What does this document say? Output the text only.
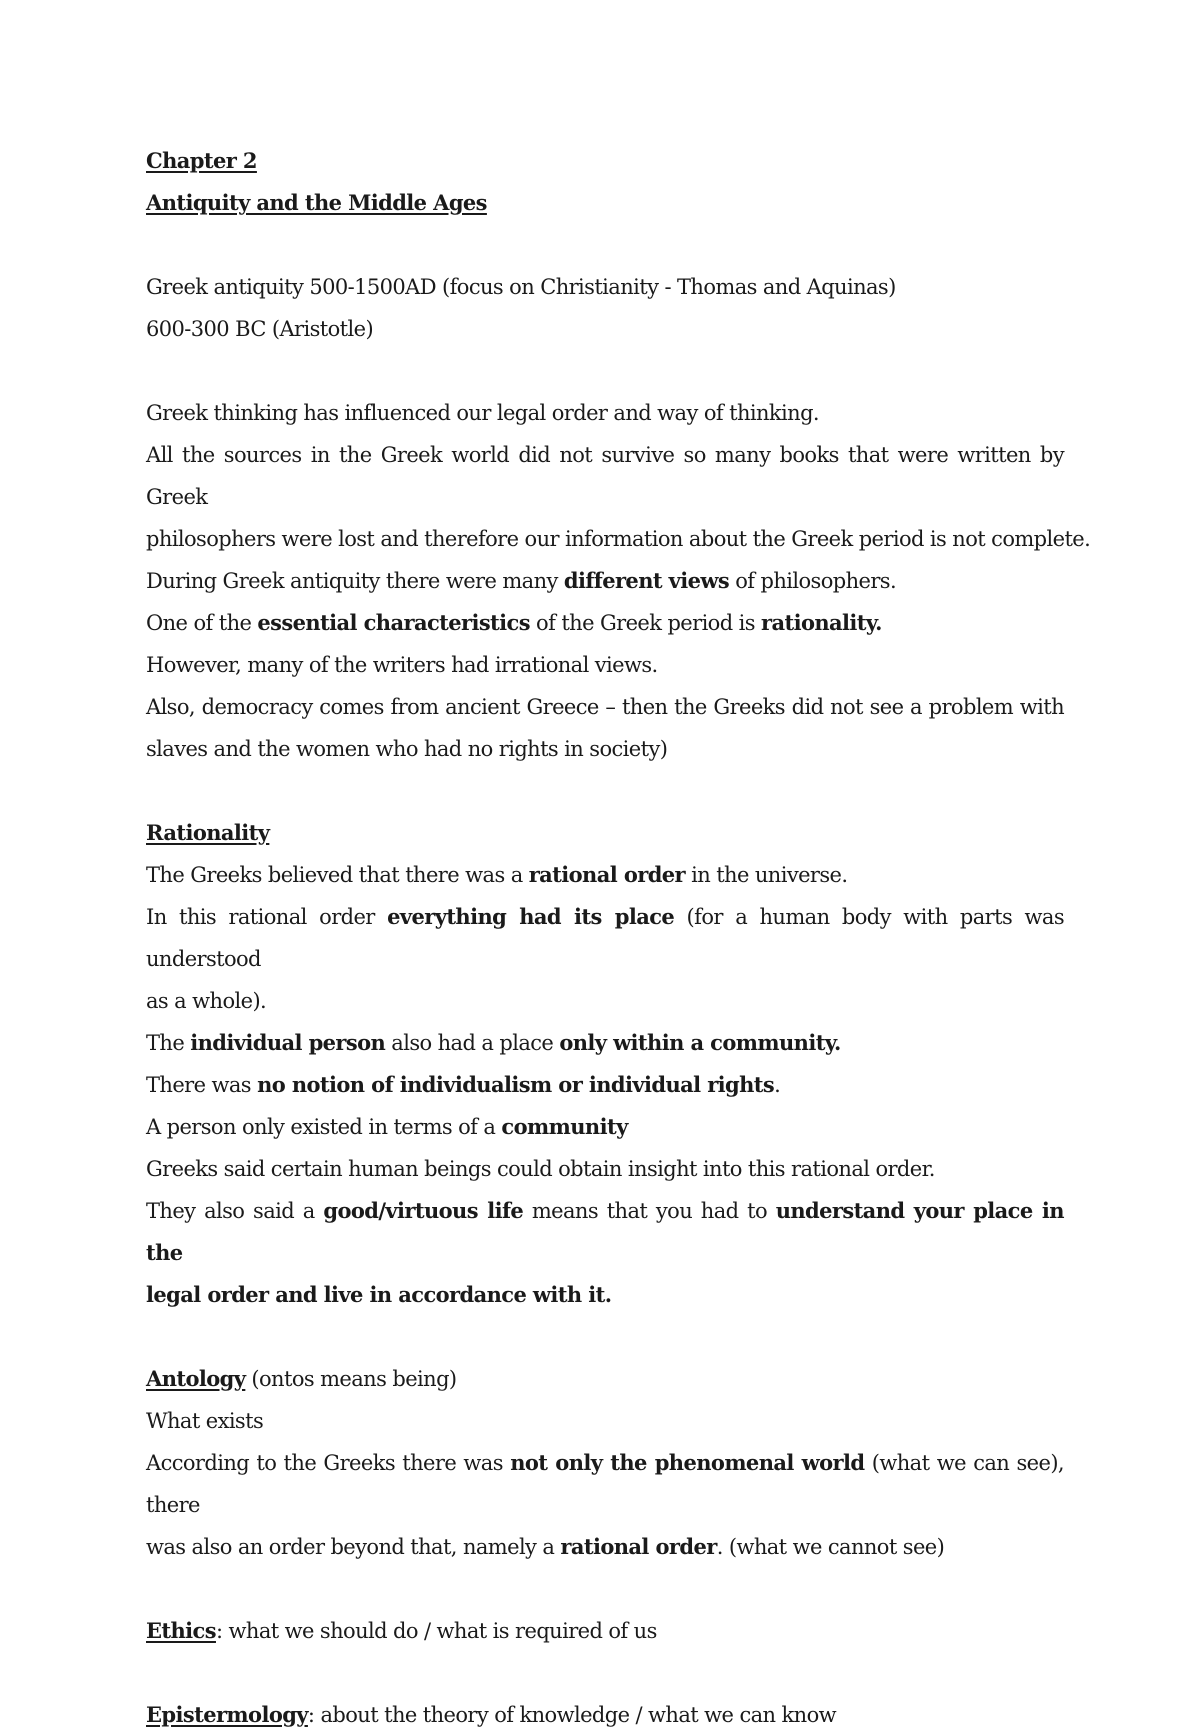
Chapter 2
Antiquity and the Middle Ages
Greek antiquity 500-1500AD (focus on Christianity - Thomas and Aquinas)
600-300 BC (Aristotle)
Greek thinking has influenced our legal order and way of thinking.
All the sources in the Greek world did not survive so many books that were written by Greek
philosophers were lost and therefore our information about the Greek period is not complete.
During Greek antiquity there were many different views of philosophers.
One of the essential characteristics of the Greek period is rationality.
However, many of the writers had irrational views.
Also, democracy comes from ancient Greece – then the Greeks did not see a problem with
slaves and the women who had no rights in society)
Rationality
The Greeks believed that there was a rational order in the universe.
In this rational order everything had its place (for a human body with parts was understood
as a whole).
The individual person also had a place only within a community.
There was no notion of individualism or individual rights.
A person only existed in terms of a community
Greeks said certain human beings could obtain insight into this rational order.
They also said a good/virtuous life means that you had to understand your place in the
legal order and live in accordance with it.
Antology (ontos means being)
What exists
According to the Greeks there was not only the phenomenal world (what we can see), there
was also an order beyond that, namely a rational order. (what we cannot see)
Ethics: what we should do / what is required of us
Epistermology: about the theory of knowledge / what we can know
